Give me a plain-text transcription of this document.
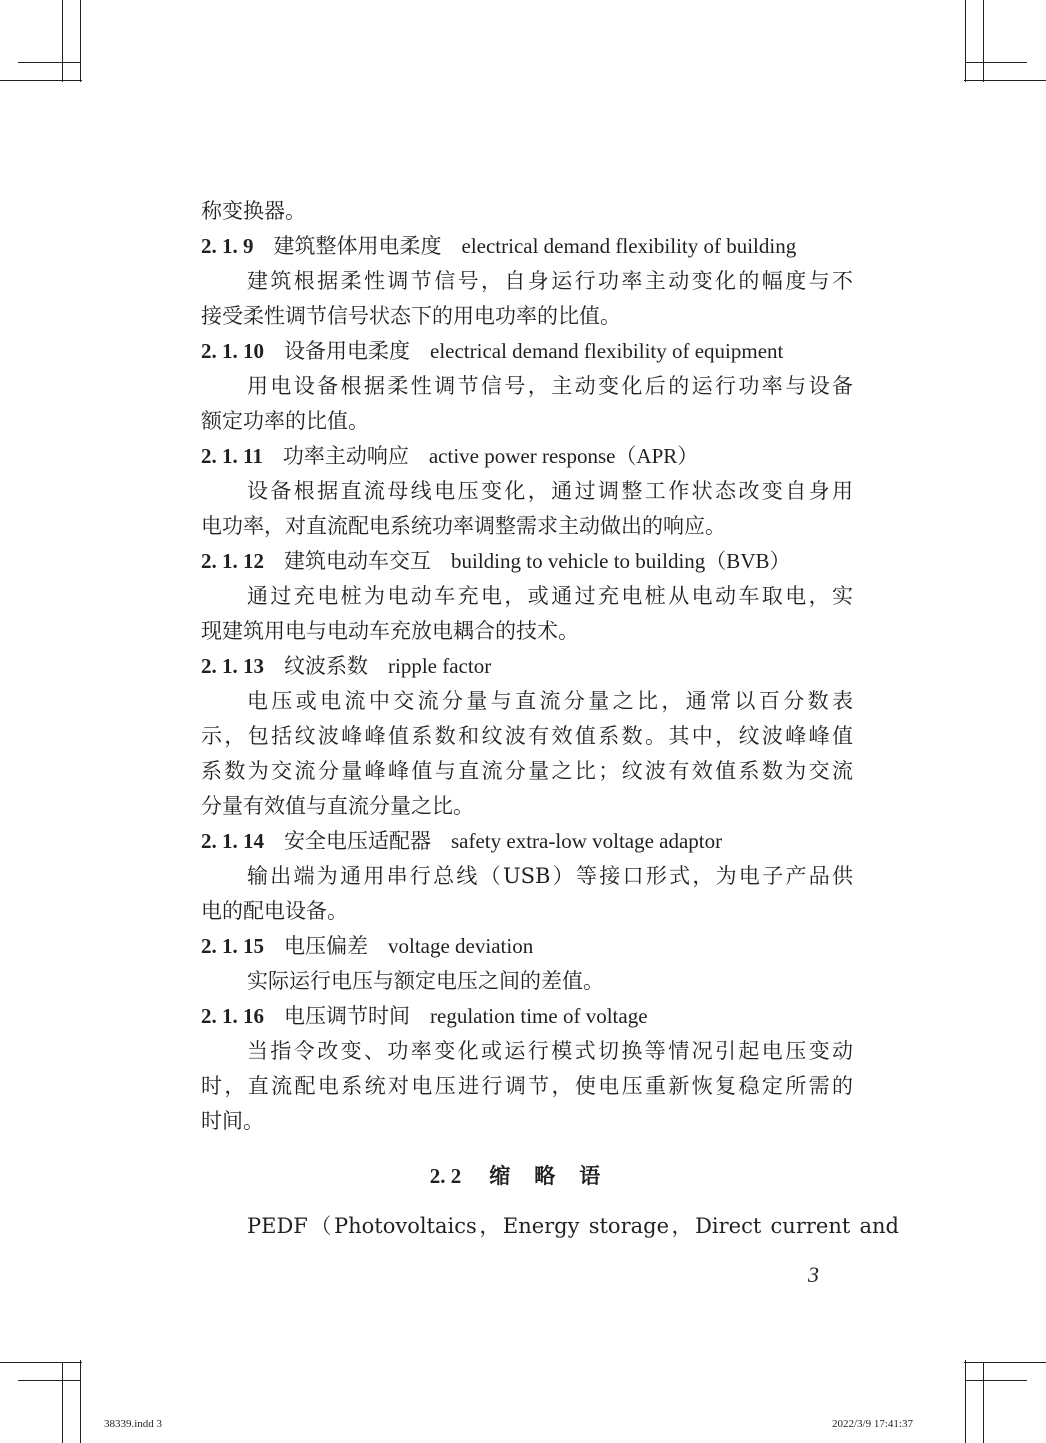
称变换器。
2. 1. 9 建筑整体用电柔度 electrical demand flexibility of building
建筑根据柔性调节信号，自身运行功率主动变化的幅度与不
接受柔性调节信号状态下的用电功率的比值。
2. 1. 10 设备用电柔度 electrical demand flexibility of equipment
用电设备根据柔性调节信号，主动变化后的运行功率与设备
额定功率的比值。
2. 1. 11 功率主动响应 active power response（APR）
设备根据直流母线电压变化，通过调整工作状态改变自身用
电功率，对直流配电系统功率调整需求主动做出的响应。
2. 1. 12 建筑电动车交互 building to vehicle to building（BVB）
通过充电桩为电动车充电，或通过充电桩从电动车取电，实
现建筑用电与电动车充放电耦合的技术。
2. 1. 13 纹波系数 ripple factor
电压或电流中交流分量与直流分量之比，通常以百分数表
示，包括纹波峰峰值系数和纹波有效值系数。其中，纹波峰峰值
系数为交流分量峰峰值与直流分量之比；纹波有效值系数为交流
分量有效值与直流分量之比。
2. 1. 14 安全电压适配器 safety extra-low voltage adaptor
输出端为通用串行总线（USB）等接口形式，为电子产品供
电的配电设备。
2. 1. 15 电压偏差 voltage deviation
实际运行电压与额定电压之间的差值。
2. 1. 16 电压调节时间 regulation time of voltage
当指令改变、功率变化或运行模式切换等情况引起电压变动
时，直流配电系统对电压进行调节，使电压重新恢复稳定所需的
时间。
2. 2 缩略语
PEDF（Photovoltaics，Energy storage，Direct current and
3
38339.indd 3	2022/3/9 17:41:37
